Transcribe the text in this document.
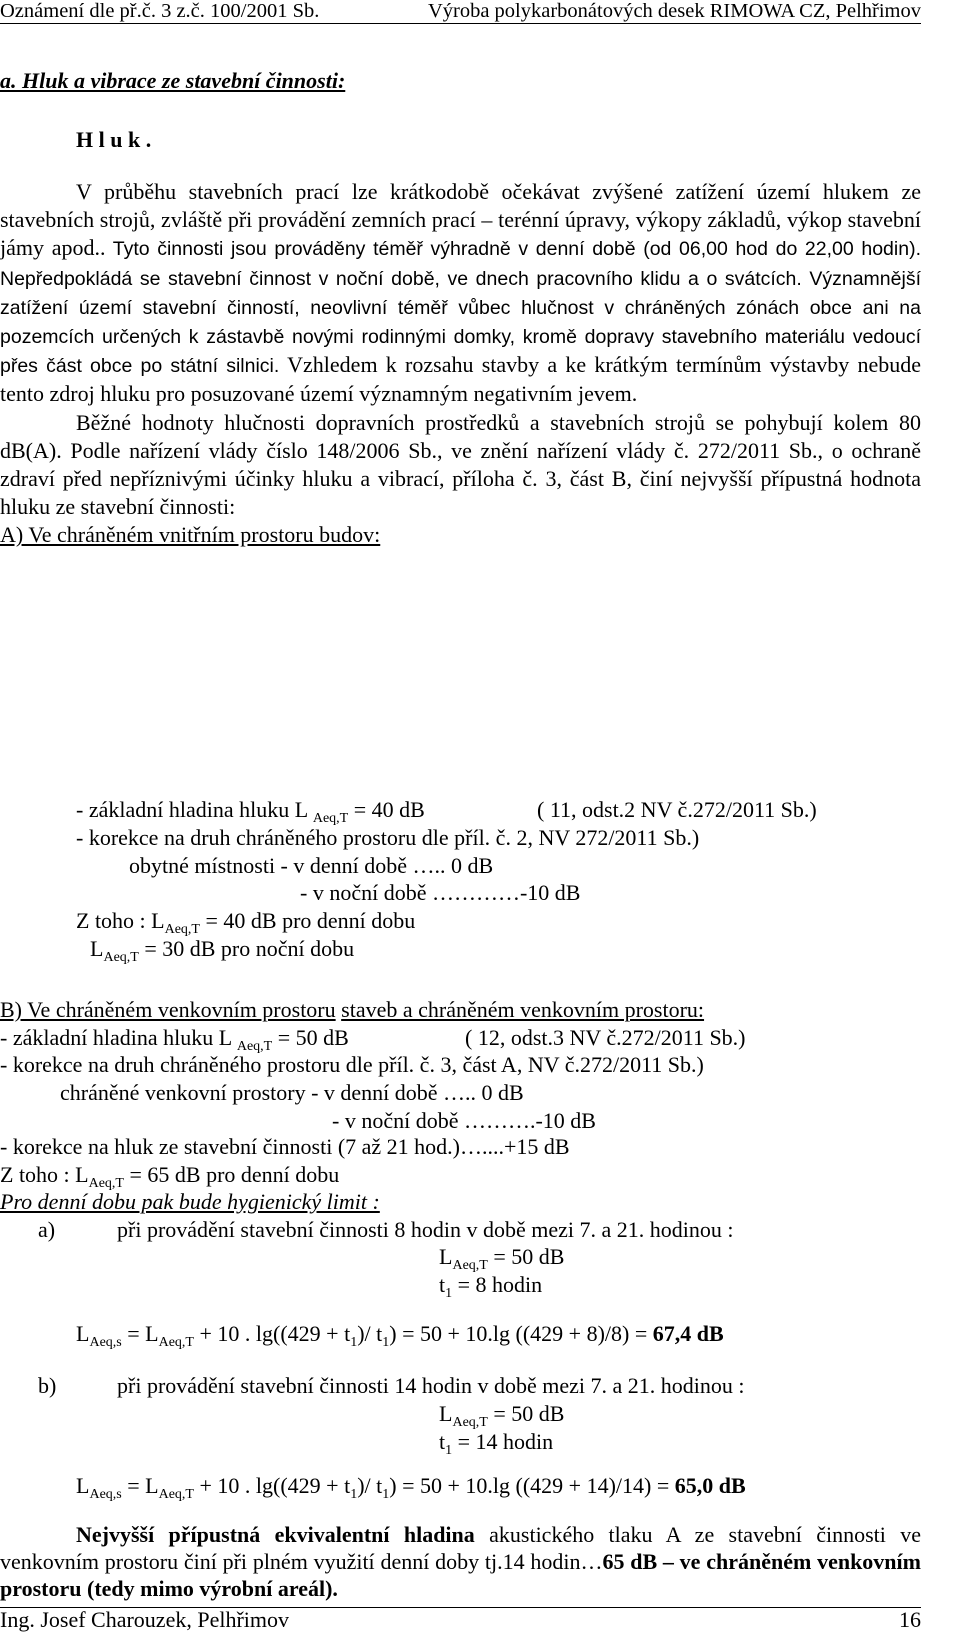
Oznámení dle př.č. 3 z.č. 100/2001 Sb.	Výroba polykarbonátových desek RIMOWA CZ, Pelhřimov
a. Hluk a vibrace ze stavební činnosti:
H l u k .

V průběhu stavebních prací lze krátkodobě očekávat zvýšené zatížení území hlukem ze stavebních strojů, zvláště při provádění zemních prací – terénní úpravy, výkopy základů, výkop stavební jámy apod.. Tyto činnosti jsou prováděny téměř výhradně v denní době (od 06,00 hod do 22,00 hodin). Nepředpokládá se stavební činnost v noční době, ve dnech pracovního klidu a o svátcích. Významnější zatížení území stavební činností, neovlivní téměř vůbec hlučnost v chráněných zónách obce ani na pozemcích určených k zástavbě novými rodinnými domky, kromě dopravy stavebního materiálu vedoucí přes část obce po státní silnici. Vzhledem k rozsahu stavby a ke krátkým termínům výstavby nebude tento zdroj hluku pro posuzované území významným negativním jevem.

Běžné hodnoty hlučnosti dopravních prostředků a stavebních strojů se pohybují kolem 80 dB(A). Podle nařízení vlády číslo 148/2006 Sb., ve znění nařízení vlády č. 272/2011 Sb., o ochraně zdraví před nepříznivými účinky hluku a vibrací, příloha č. 3, část B, činí nejvyšší přípustná hodnota hluku ze stavební činnosti:

A) Ve chráněném vnitřním prostoru budov:

- základní hladina hluku L $_{Aeq,T}$ = 40 dB	( 11, odst.2 NV č.272/2011 Sb.)
- korekce na druh chráněného prostoru dle příl. č. 2, NV 272/2011 Sb.)
obytné místnosti - v denní době ….. 0 dB
- v noční době …………-10 dB
Z toho : $L_{Aeq,T} = 40$ dB pro denní dobu
$L_{Aeq,T} = 30$ dB pro noční dobu
B) Ve chráněném venkovním prostoru staveb a chráněném venkovním prostoru:
- základní hladina hluku L $_{Aeq,T}$ = 50 dB	( 12, odst.3 NV č.272/2011 Sb.)
- korekce na druh chráněného prostoru dle příl. č. 3, část A, NV č.272/2011 Sb.)
chráněné venkovní prostory - v denní době ….. 0 dB
- v noční době ……….-10 dB
- korekce na hluk ze stavební činnosti (7 až 21 hod.)…....+15 dB
Z toho : $L_{Aeq,T} = 65$ dB pro denní dobu
Pro denní dobu pak bude hygienický limit :
a)	při provádění stavební činnosti 8 hodin v době mezi 7. a 21. hodinou :
$L_{Aeq,T} = 50$ dB
$t_1 = 8$ hodin
$L_{Aeq,s} = L_{Aeq,T} + 10$ . $\lg((429 + t_1)/$ $t_1) = 50 + 10.\lg$ ((429 + 8)/8) = 67,4 dB
b)	při provádění stavební činnosti 14 hodin v době mezi 7. a 21. hodinou :
$L_{Aeq,T} = 50$ dB
$t_1 = 14$ hodin
$L_{Aeq,s} = L_{Aeq,T} + 10$ . $\lg((429 + t_1)/$ $t_1) = 50 + 10.\lg$ ((429 + 14)/14) = 65,0 dB
Nejvyšší přípustná ekvivalentní hladina akustického tlaku A ze stavební činnosti ve venkovním prostoru činí při plném využití denní doby tj.14 hodin…65 dB – ve chráněném venkovním prostoru (tedy mimo výrobní areál).
Ing. Josef Charouzek, Pelhřimov	16
